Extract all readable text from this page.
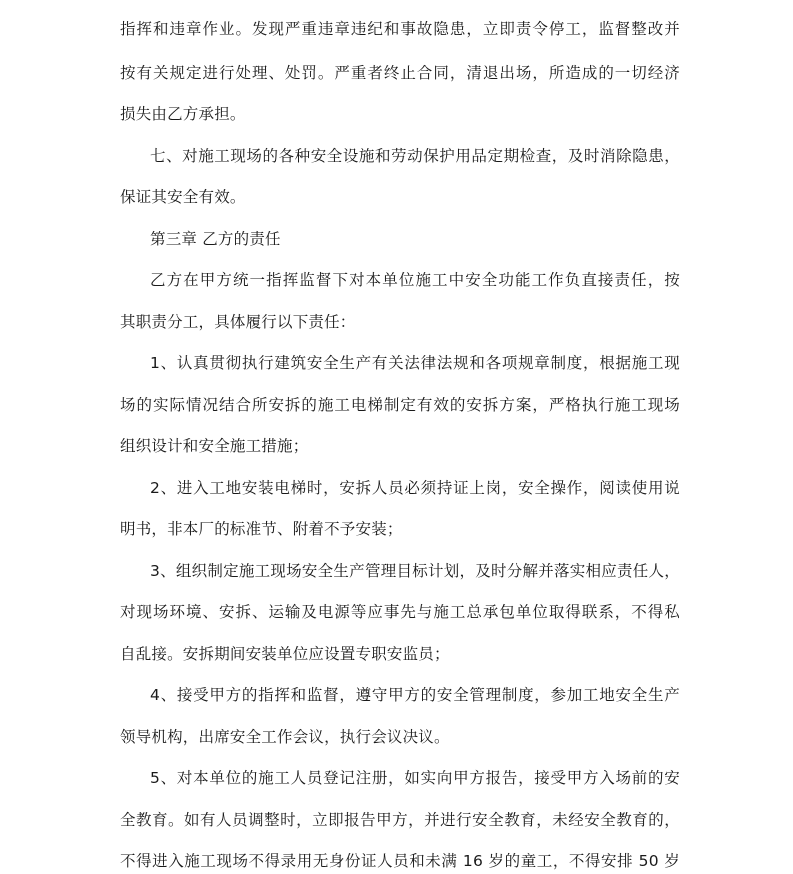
指挥和违章作业。发现严重违章违纪和事故隐患，立即责令停工，监督整改并
按有关规定进行处理、处罚。严重者终止合同，清退出场，所造成的一切经济
损失由乙方承担。
七、对施工现场的各种安全设施和劳动保护用品定期检查，及时消除隐患，
保证其安全有效。
第三章 乙方的责任
乙方在甲方统一指挥监督下对本单位施工中安全功能工作负直接责任，按
其职责分工，具体履行以下责任：
1、认真贯彻执行建筑安全生产有关法律法规和各项规章制度，根据施工现
场的实际情况结合所安拆的施工电梯制定有效的安拆方案，严格执行施工现场
组织设计和安全施工措施；
2、进入工地安装电梯时，安拆人员必须持证上岗，安全操作，阅读使用说
明书，非本厂的标准节、附着不予安装；
3、组织制定施工现场安全生产管理目标计划，及时分解并落实相应责任人，
对现场环境、安拆、运输及电源等应事先与施工总承包单位取得联系，不得私
自乱接。安拆期间安装单位应设置专职安监员；
4、接受甲方的指挥和监督，遵守甲方的安全管理制度，参加工地安全生产
领导机构，出席安全工作会议，执行会议决议。
5、对本单位的施工人员登记注册，如实向甲方报告，接受甲方入场前的安
全教育。如有人员调整时，立即报告甲方，并进行安全教育，未经安全教育的，
不得进入施工现场不得录用无身份证人员和未满 16 岁的童工，不得安排 50 岁
